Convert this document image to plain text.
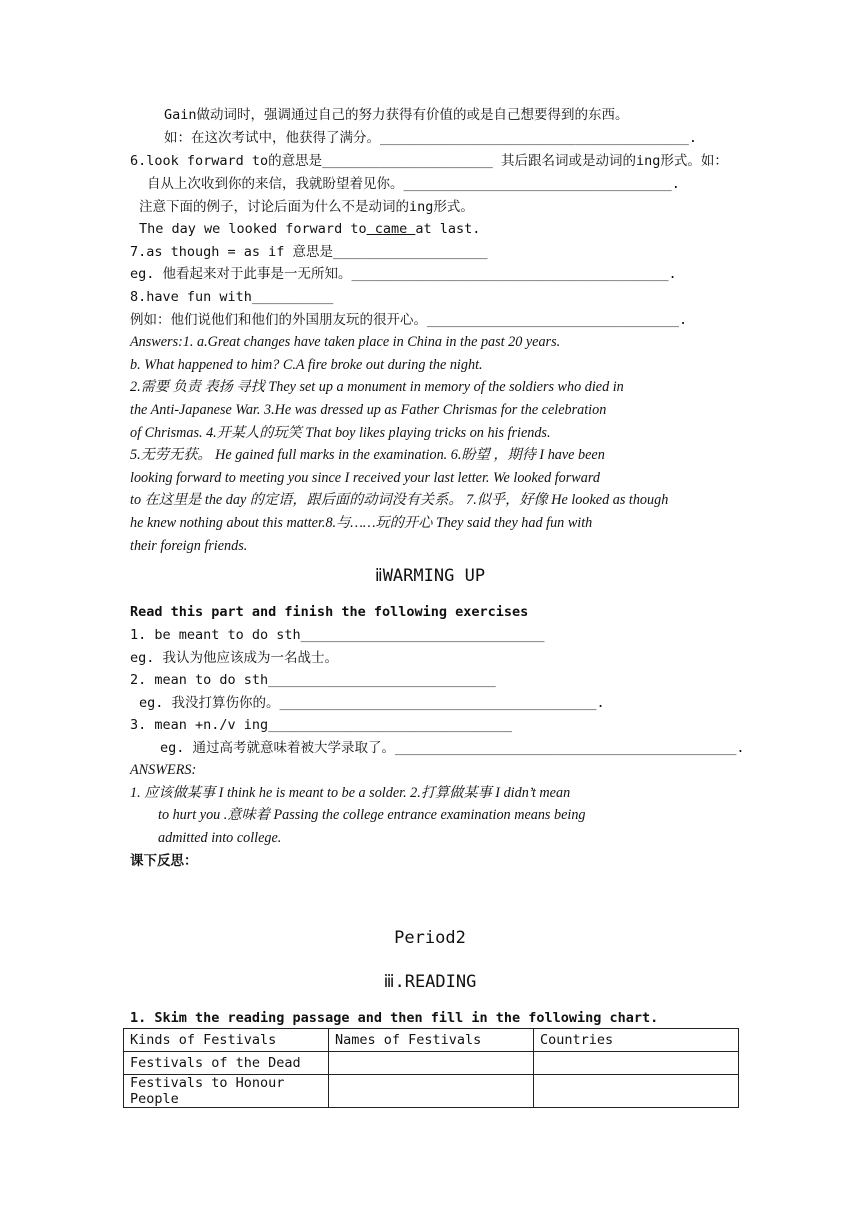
Gain做动词时，强调通过自己的努力获得有价值的或是自己想要得到的东西。
如：在这次考试中，他获得了满分。______________________________________.
6.look forward to的意思是_____________________ 其后跟名词或是动词的ing形式。如：
自从上次收到你的来信，我就盼望着见你。_________________________________.
注意下面的例子，讨论后面为什么不是动词的ing形式。
The day we looked forward to came at last.
7.as though = as if 意思是___________________
eg. 他看起来对于此事是一无所知。_______________________________________.
8.have fun with__________
例如：他们说他们和他们的外国朋友玩的很开心。_______________________________.
Answers:1. a.Great changes have taken place in China in the past 20 years.
b. What happened to him? C.A fire broke out during the night.
2.需要 负责 表扬 寻找 They set up a monument in memory of the soldiers who died in
the Anti-Japanese War. 3.He was dressed up as Father Chrismas for the celebration
of Chrismas. 4.开某人的玩笑 That boy likes playing tricks on his friends.
5.无劳无获。 He gained full marks in the examination. 6.盼望 ，期待 I have been
looking forward to meeting you since I received your last letter. We looked forward
to 在这里是 the day 的定语，跟后面的动词没有关系。 7.似乎，好像 He looked as though
he knew nothing about this matter.8.与……玩的开心 They said they had fun with
their foreign friends.
ⅱWARMING UP
Read this part and finish the following exercises
1. be meant to do sth______________________________
eg. 我认为他应该成为一名战士。
2. mean to do sth____________________________
eg. 我没打算伤你的。_______________________________________.
3. mean +n./v ing______________________________
eg. 通过高考就意味着被大学录取了。__________________________________________.
ANSWERS:
1. 应该做某事 I think he is meant to be a solder. 2.打算做某事 I didn’t mean
to hurt you .意味着 Passing the college entrance examination means being
admitted into college.
课下反思：
Period2
ⅲ.READING
1. Skim the reading passage and then fill in the following chart.
Kinds of Festivals	Names of Festivals	Countries
Festivals of the Dead		
Festivals to Honour People		
